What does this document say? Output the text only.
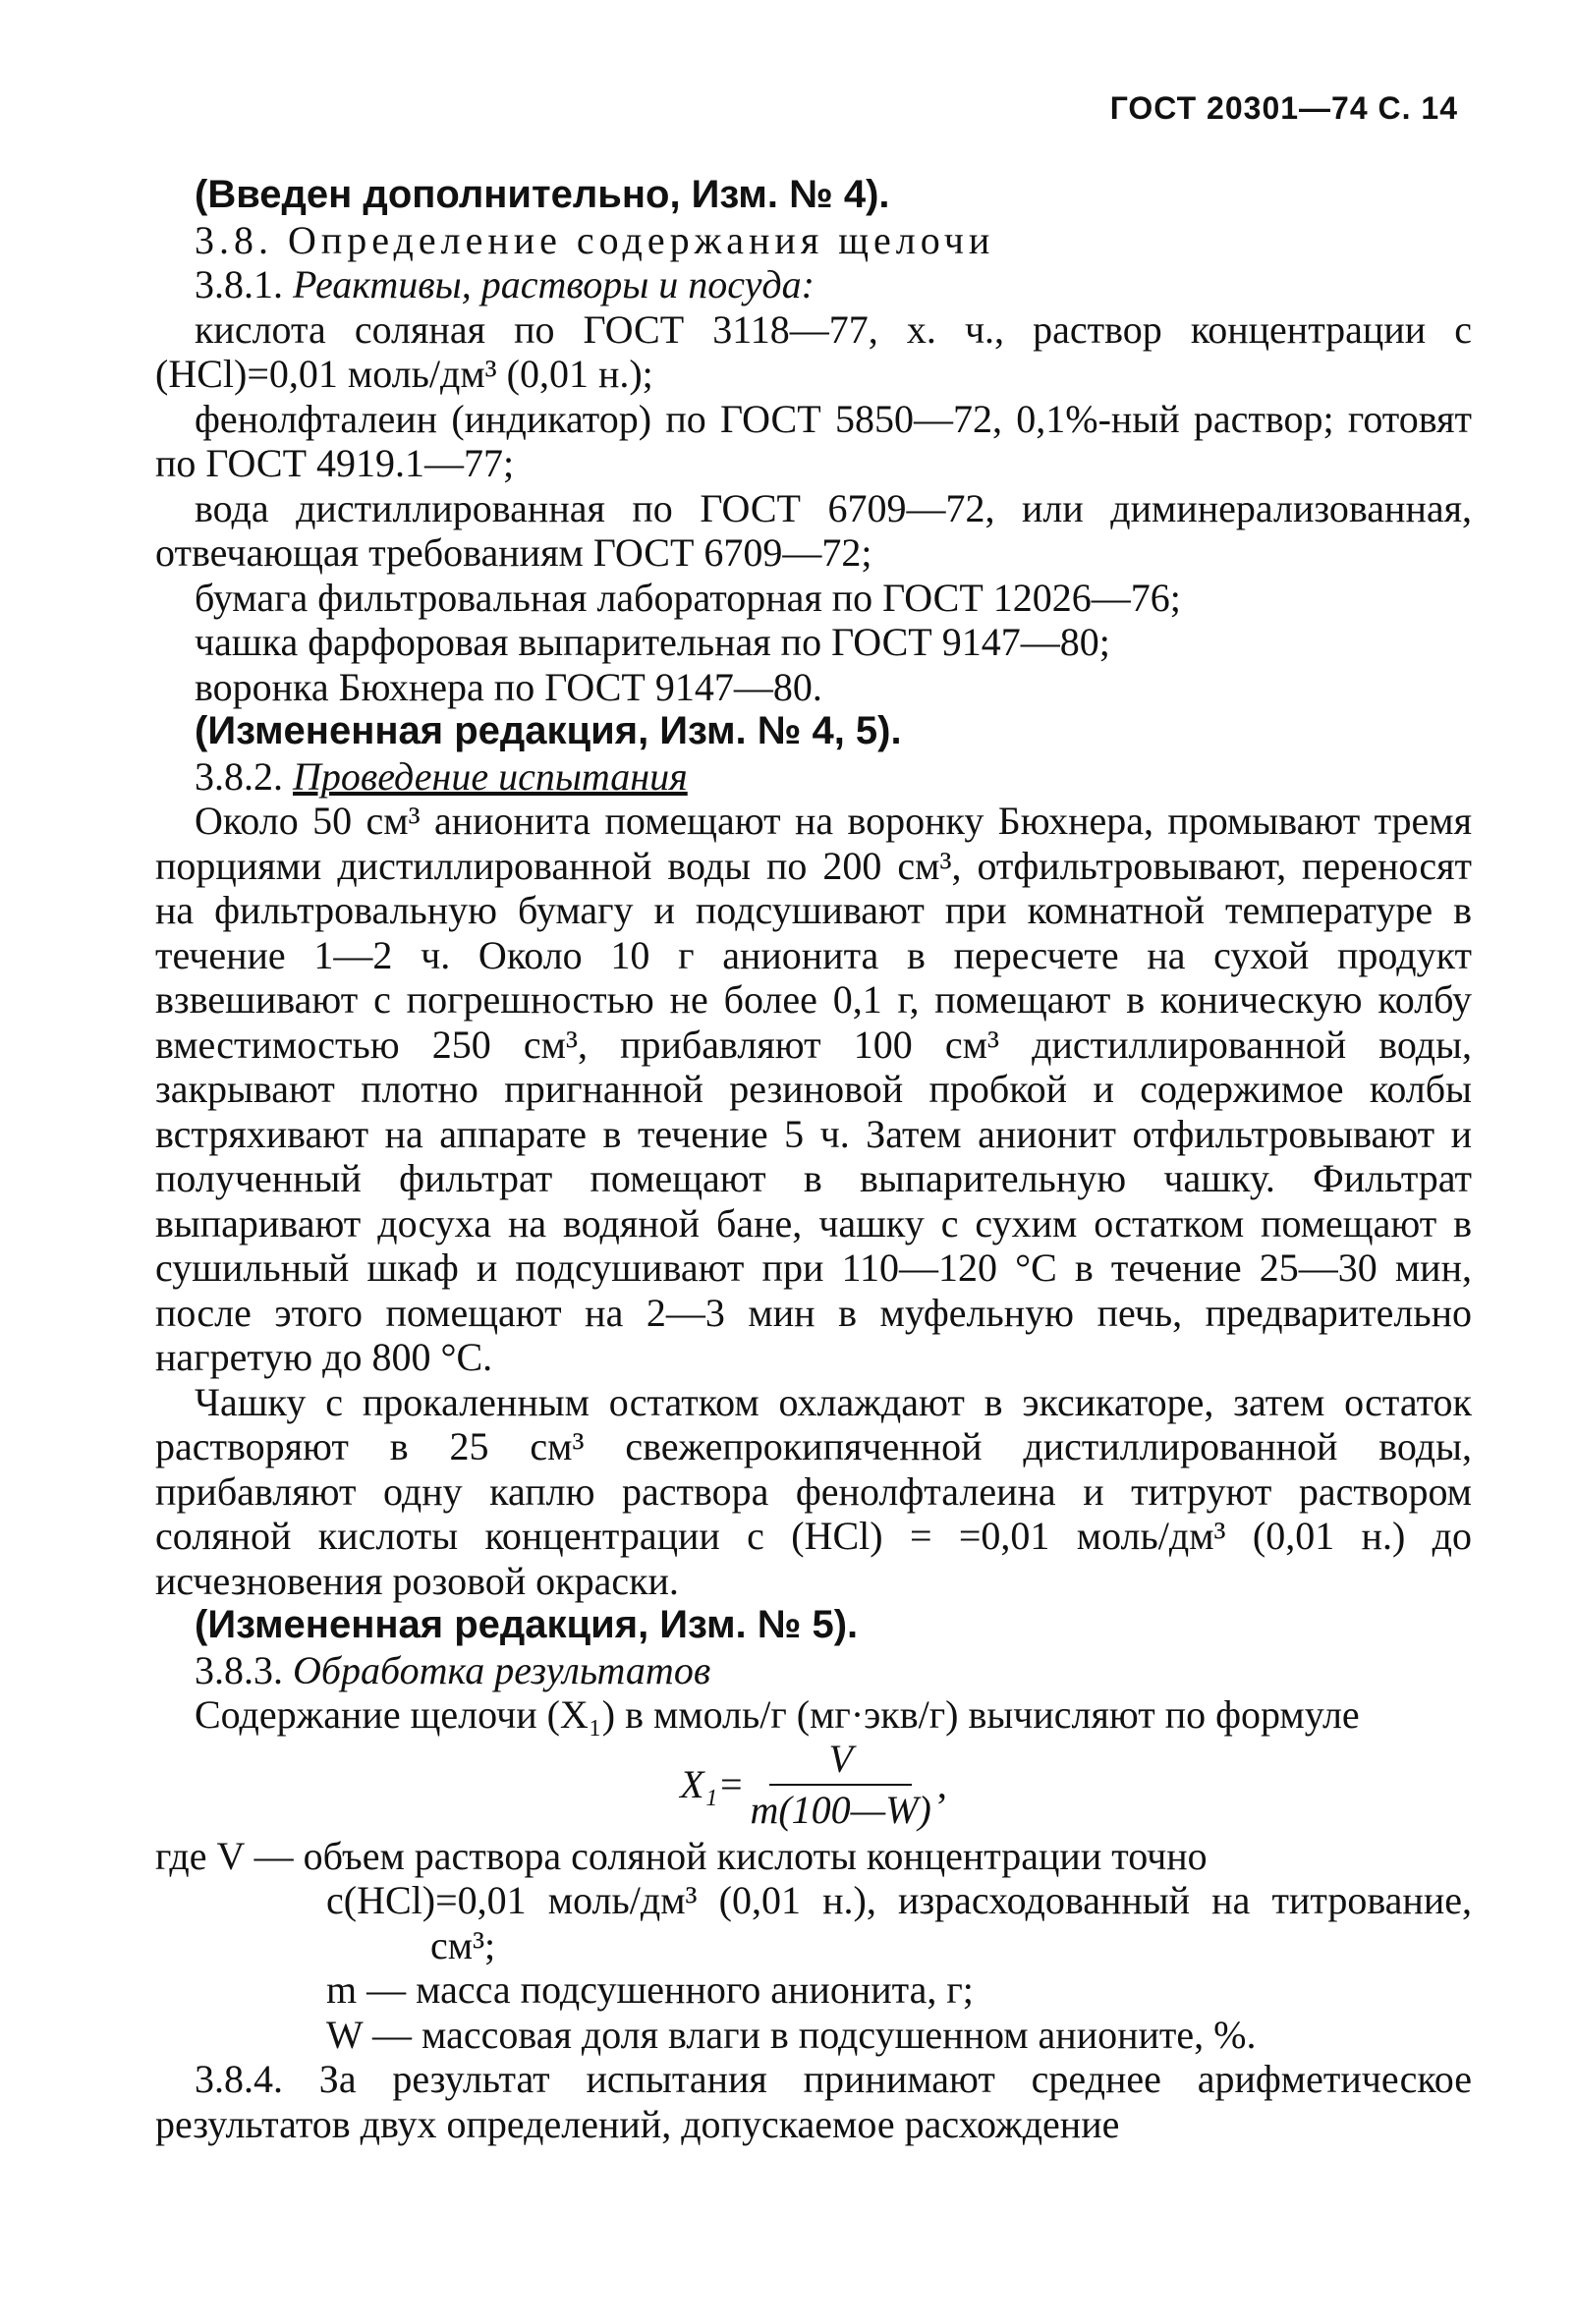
ГОСТ 20301—74 С. 14

(Введен дополнительно, Изм. № 4).

3.8. Определение содержания щелочи

3.8.1. Реактивы, растворы и посуда:

кислота соляная по ГОСТ 3118—77, х. ч., раствор концентрации с (HCl)=0,01 моль/дм³ (0,01 н.);

фенолфталеин (индикатор) по ГОСТ 5850—72, 0,1%-ный раствор; готовят по ГОСТ 4919.1—77;

вода дистиллированная по ГОСТ 6709—72, или диминерализованная, отвечающая требованиям ГОСТ 6709—72;

бумага фильтровальная лабораторная по ГОСТ 12026—76;

чашка фарфоровая выпарительная по ГОСТ 9147—80;

воронка Бюхнера по ГОСТ 9147—80.

(Измененная редакция, Изм. № 4, 5).

3.8.2. Проведение испытания

Около 50 см³ анионита помещают на воронку Бюхнера, промывают тремя порциями дистиллированной воды по 200 см³, отфильтровывают, переносят на фильтровальную бумагу и подсушивают при комнатной температуре в течение 1—2 ч. Около 10 г анионита в пересчете на сухой продукт взвешивают с погрешностью не более 0,1 г, помещают в коническую колбу вместимостью 250 см³, прибавляют 100 см³ дистиллированной воды, закрывают плотно пригнанной резиновой пробкой и содержимое колбы встряхивают на аппарате в течение 5 ч. Затем анионит отфильтровывают и полученный фильтрат помещают в выпарительную чашку. Фильтрат выпаривают досуха на водяной бане, чашку с сухим остатком помещают в сушильный шкаф и подсушивают при 110—120 °С в течение 25—30 мин, после этого помещают на 2—3 мин в муфельную печь, предварительно нагретую до 800 °С.

Чашку с прокаленным остатком охлаждают в эксикаторе, затем остаток растворяют в 25 см³ свежепрокипяченной дистиллированной воды, прибавляют одну каплю раствора фенолфталеина и титруют раствором соляной кислоты концентрации с (HCl) = =0,01 моль/дм³ (0,01 н.) до исчезновения розовой окраски.

(Измененная редакция, Изм. № 5).

3.8.3. Обработка результатов

Содержание щелочи (X₁) в ммоль/г (мг·экв/г) вычисляют по формуле

$X_1= \frac{V}{m(100—W)}$ ,

где V — объем раствора соляной кислоты концентрации точно

c(HCl)=0,01 моль/дм³ (0,01 н.), израсходованный на титрование, см³;

m — масса подсушенного анионита, г;

W — массовая доля влаги в подсушенном анионите, %.

3.8.4. За результат испытания принимают среднее арифметическое результатов двух определений, допускаемое расхождение
